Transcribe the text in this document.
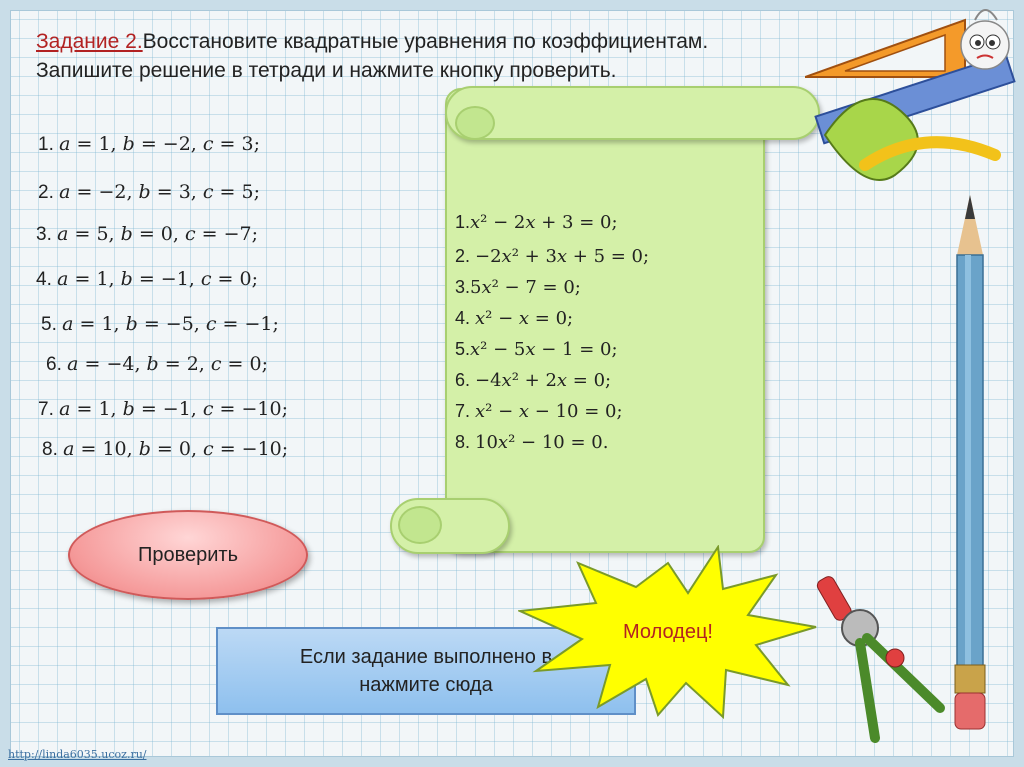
Задание 2.Восстановите квадратные уравнения по коэффициентам. Запишите решение в тетради и нажмите кнопку проверить.
1. 𝑎 = 1, 𝑏 = −2, 𝑐 = 3;
2. 𝑎 = −2, 𝑏 = 3, 𝑐 = 5;
3. 𝑎 = 5, 𝑏 = 0, 𝑐 = −7;
4. 𝑎 = 1, 𝑏 = −1, 𝑐 = 0;
5. 𝑎 = 1, 𝑏 = −5, 𝑐 = −1;
6. 𝑎 = −4, 𝑏 = 2, 𝑐 = 0;
7. 𝑎 = 1, 𝑏 = −1, 𝑐 = −10;
8. 𝑎 = 10, 𝑏 = 0, 𝑐 = −10;
1.𝑥² − 2𝑥 + 3 = 0;
2. −2𝑥² + 3𝑥 + 5 = 0;
3.5𝑥² − 7 = 0;
4. 𝑥² − 𝑥 = 0;
5.𝑥² − 5𝑥 − 1 = 0;
6. −4𝑥² + 2𝑥 = 0;
7. 𝑥² − 𝑥 − 10 = 0;
8. 10𝑥² − 10 = 0.
Проверить
Если задание выполнено в
нажмите сюда
Молодец!
http://linda6035.ucoz.ru/
